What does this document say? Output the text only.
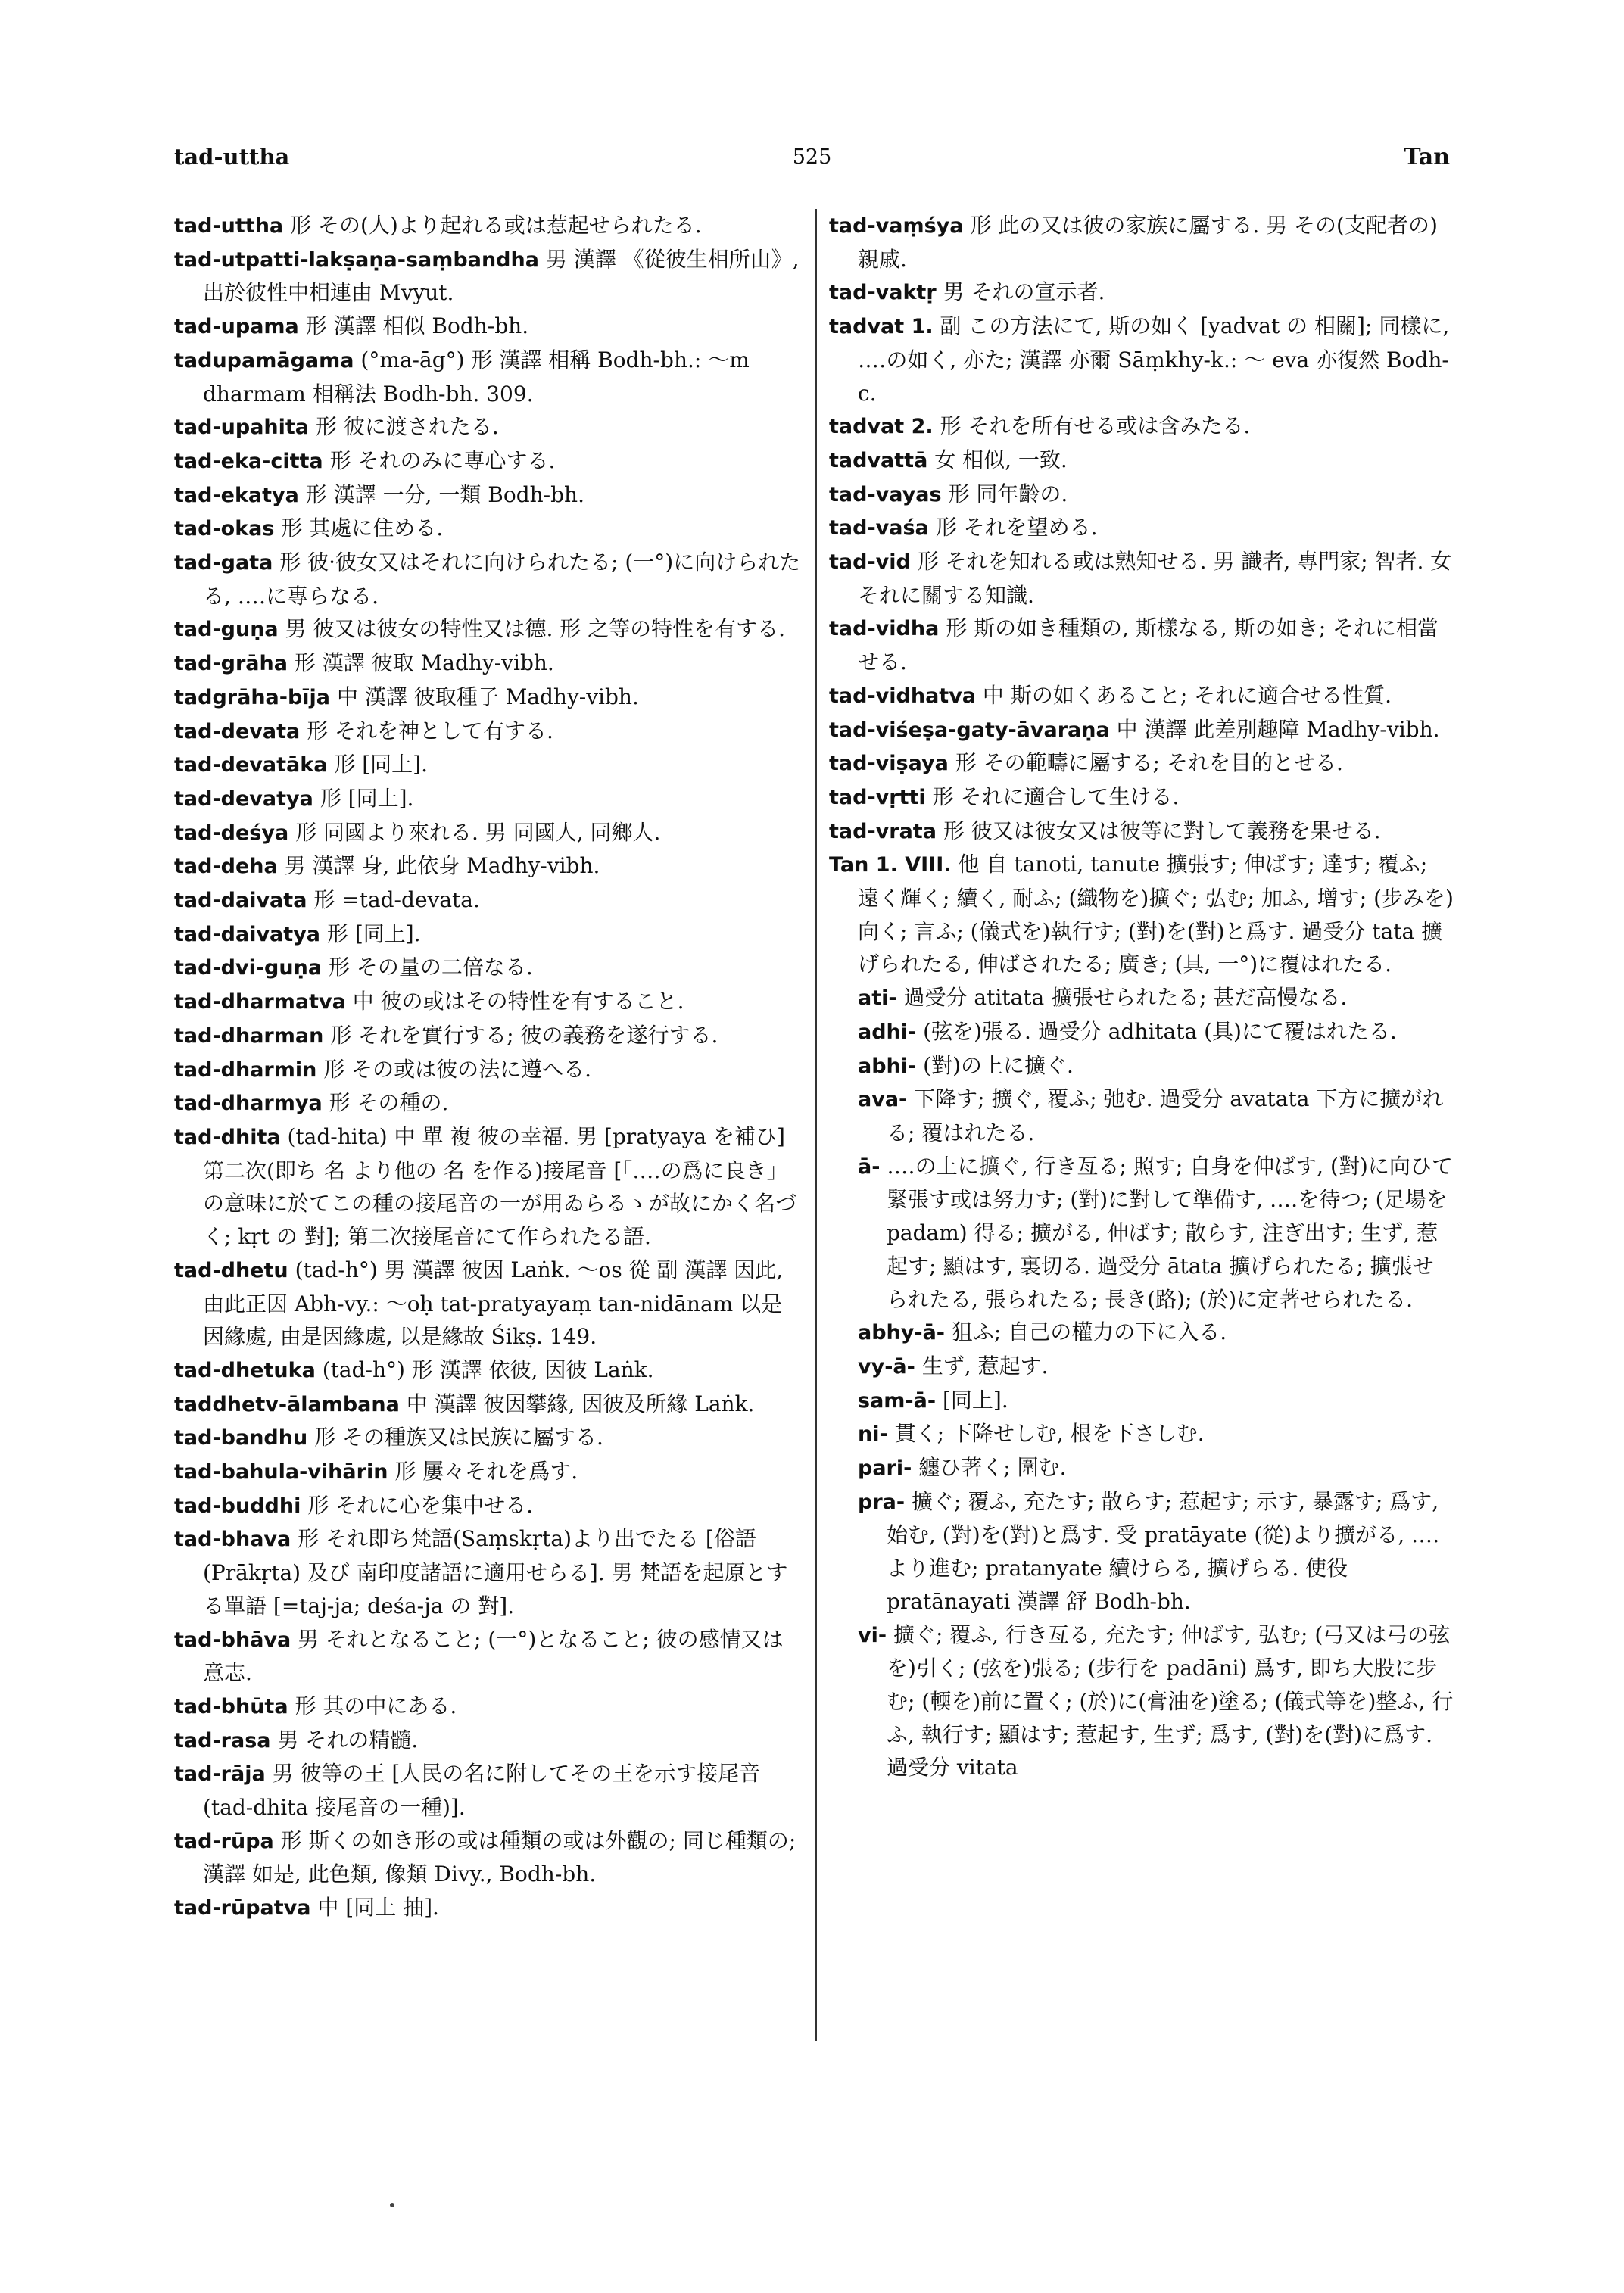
tad-uttha	525	Tan

tad-uttha 形 その(人)より起れる或は惹起せられたる.

tad-utpatti-lakṣaṇa-saṃbandha 男 漢譯 《從彼生相所由》, 出於彼性中相連由 Mvyut.

tad-upama 形 漢譯 相似 Bodh-bh.

tadupamāgama (°ma-āg°) 形 漢譯 相稱 Bodh-bh.: 〜m dharmam 相稱法 Bodh-bh. 309.

tad-upahita 形 彼に渡されたる.

tad-eka-citta 形 それのみに専心する.

tad-ekatya 形 漢譯 一分, 一類 Bodh-bh.

tad-okas 形 其處に住める.

tad-gata 形 彼·彼女又はそれに向けられたる; (一°)に向けられたる, ‥‥に專らなる.

tad-guṇa 男 彼又は彼女の特性又は德. 形 之等の特性を有する.

tad-grāha 形 漢譯 彼取 Madhy-vibh.

tadgrāha-bīja 中 漢譯 彼取種子 Madhy-vibh.

tad-devata 形 それを神として有する.

tad-devatāka 形 [同上].

tad-devatya 形 [同上].

tad-deśya 形 同國より來れる. 男 同國人, 同鄉人.

tad-deha 男 漢譯 身, 此依身 Madhy-vibh.

tad-daivata 形 =tad-devata.

tad-daivatya 形 [同上].

tad-dvi-guṇa 形 その量の二倍なる.

tad-dharmatva 中 彼の或はその特性を有すること.

tad-dharman 形 それを實行する; 彼の義務を遂行する.

tad-dharmin 形 その或は彼の法に遵へる.

tad-dharmya 形 その種の.

tad-dhita (tad-hita) 中 單 複 彼の幸福. 男 [pratyaya を補ひ] 第二次(即ち 名 より他の 名 を作る)接尾音 [「‥‥の爲に良き」の意味に於てこの種の接尾音の一が用ゐらるゝが故にかく名づく; kṛt の 對]; 第二次接尾音にて作られたる語.

tad-dhetu (tad-h°) 男 漢譯 彼因 Laṅk. 〜os 從 副 漢譯 因此, 由此正因 Abh-vy.: 〜oḥ tat-pratyayaṃ tan-nidānam 以是因緣處, 由是因緣處, 以是緣故 Śikṣ. 149.

tad-dhetuka (tad-h°) 形 漢譯 依彼, 因彼 Laṅk.

taddhetv-ālambana 中 漢譯 彼因攀緣, 因彼及所緣 Laṅk.

tad-bandhu 形 その種族又は民族に屬する.

tad-bahula-vihārin 形 屢々それを爲す.

tad-buddhi 形 それに心を集中せる.

tad-bhava 形 それ即ち梵語(Saṃskṛta)より出でたる [俗語 (Prākṛta) 及び 南印度諸語に適用せらる]. 男 梵語を起原とする單語 [=taj-ja; deśa-ja の 對].

tad-bhāva 男 それとなること; (一°)となること; 彼の感情又は意志.

tad-bhūta 形 其の中にある.

tad-rasa 男 それの精髓.

tad-rāja 男 彼等の王 [人民の名に附してその王を示す接尾音 (tad-dhita 接尾音の一種)].

tad-rūpa 形 斯くの如き形の或は種類の或は外觀の; 同じ種類の; 漢譯 如是, 此色類, 像類 Divy., Bodh-bh.

tad-rūpatva 中 [同上 抽].

tad-vaṃśya 形 此の又は彼の家族に屬する. 男 その(支配者の)親戚.

tad-vaktṛ 男 それの宣示者.

tadvat 1. 副 この方法にて, 斯の如く [yadvat の 相關]; 同樣に, ‥‥の如く, 亦た; 漢譯 亦爾 Sāṃkhy-k.: 〜 eva 亦復然 Bodh-c.

tadvat 2. 形 それを所有せる或は含みたる.

tadvattā 女 相似, 一致.

tad-vayas 形 同年齡の.

tad-vaśa 形 それを望める.

tad-vid 形 それを知れる或は熟知せる. 男 識者, 專門家; 智者. 女 それに關する知識.

tad-vidha 形 斯の如き種類の, 斯樣なる, 斯の如き; それに相當せる.

tad-vidhatva 中 斯の如くあること; それに適合せる性質.

tad-viśeṣa-gaty-āvaraṇa 中 漢譯 此差別趣障 Madhy-vibh.

tad-viṣaya 形 その範疇に屬する; それを目的とせる.

tad-vṛtti 形 それに適合して生ける.

tad-vrata 形 彼又は彼女又は彼等に對して義務を果せる.

Tan 1. VIII. 他 自 tanoti, tanute 擴張す; 伸ばす; 達す; 覆ふ; 遠く輝く; 續く, 耐ふ; (織物を)擴ぐ; 弘む; 加ふ, 增す; (步みを)向く; 言ふ; (儀式を)執行す; (對)を(對)と爲す. 過受分 tata 擴げられたる, 伸ばされたる; 廣き; (具, 一°)に覆はれたる.

ati- 過受分 atitata 擴張せられたる; 甚だ高慢なる.

adhi- (弦を)張る. 過受分 adhitata (具)にて覆はれたる.

abhi- (對)の上に擴ぐ.

ava- 下降す; 擴ぐ, 覆ふ; 弛む. 過受分 avatata 下方に擴がれる; 覆はれたる.

ā- ‥‥の上に擴ぐ, 行き亙る; 照す; 自身を伸ばす, (對)に向ひて緊張す或は努力す; (對)に對して準備す, ‥‥を待つ; (足場を padam) 得る; 擴がる, 伸ばす; 散らす, 注ぎ出す; 生ず, 惹起す; 顯はす, 裏切る. 過受分 ātata 擴げられたる; 擴張せられたる, 張られたる; 長き(路); (於)に定著せられたる.

abhy-ā- 狙ふ; 自己の權力の下に入る.

vy-ā- 生ず, 惹起す.

sam-ā- [同上].

ni- 貫く; 下降せしむ, 根を下さしむ.

pari- 纏ひ著く; 圍む.

pra- 擴ぐ; 覆ふ, 充たす; 散らす; 惹起す; 示す, 暴露す; 爲す, 始む, (對)を(對)と爲す. 受 pratāyate (從)より擴がる, ‥‥より進む; pratanyate 續けらる, 擴げらる. 使役 pratānayati 漢譯 舒 Bodh-bh.

vi- 擴ぐ; 覆ふ, 行き亙る, 充たす; 伸ばす, 弘む; (弓又は弓の弦を)引く; (弦を)張る; (步行を padāni) 爲す, 即ち大股に步む; (輭を)前に置く; (於)に(膏油を)塗る; (儀式等を)整ふ, 行ふ, 執行す; 顯はす; 惹起す, 生ず; 爲す, (對)を(對)に爲す. 過受分 vitata
